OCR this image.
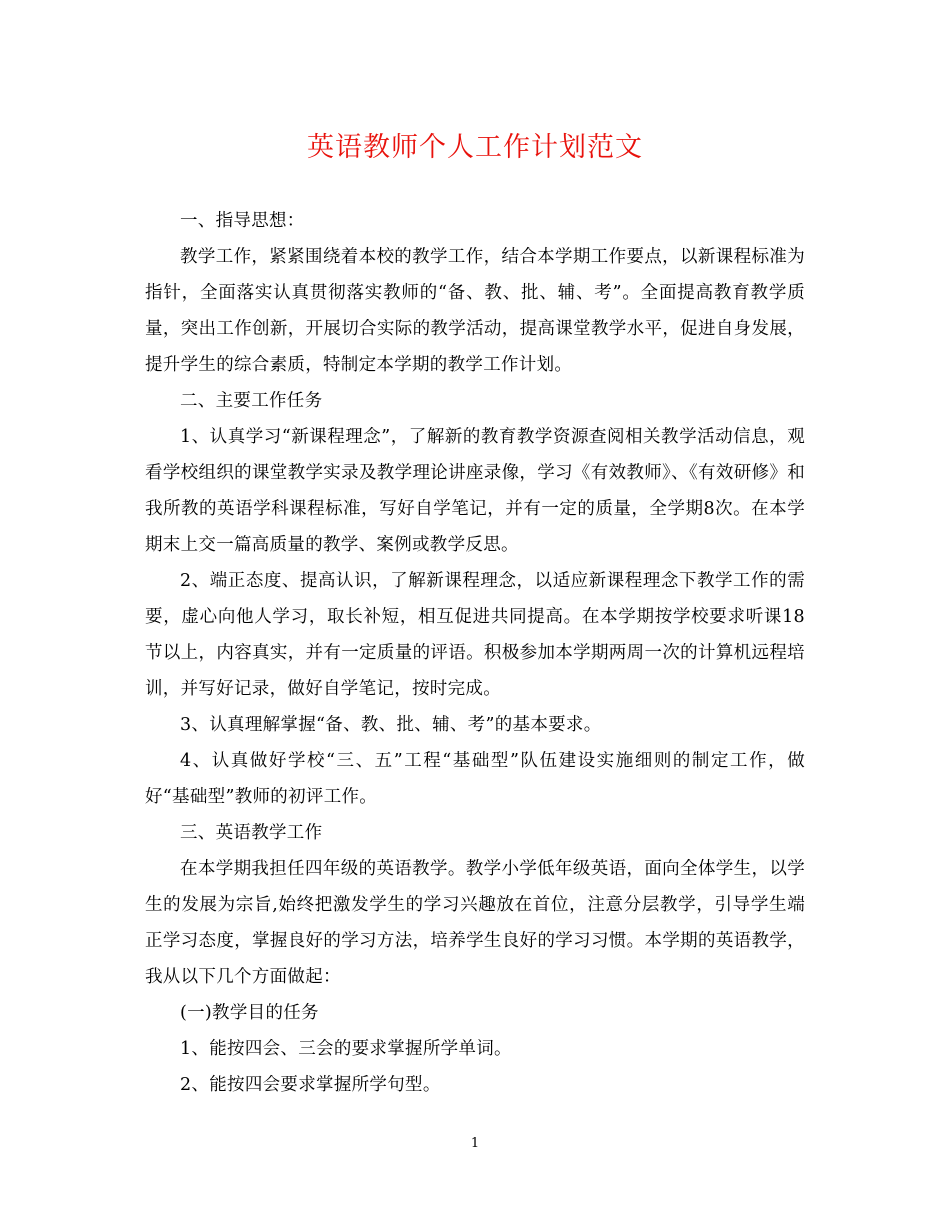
英语教师个人工作计划范文

一、指导思想：

教学工作，紧紧围绕着本校的教学工作，结合本学期工作要点，以新课程标准为指针，全面落实认真贯彻落实教师的“备、教、批、辅、考”。全面提高教育教学质量，突出工作创新，开展切合实际的教学活动，提高课堂教学水平，促进自身发展，提升学生的综合素质，特制定本学期的教学工作计划。

二、主要工作任务

1、认真学习“新课程理念”，了解新的教育教学资源查阅相关教学活动信息，观看学校组织的课堂教学实录及教学理论讲座录像，学习《有效教师》、《有效研修》和我所教的英语学科课程标准，写好自学笔记，并有一定的质量，全学期8次。在本学期末上交一篇高质量的教学、案例或教学反思。

2、端正态度、提高认识，了解新课程理念，以适应新课程理念下教学工作的需要，虚心向他人学习，取长补短，相互促进共同提高。在本学期按学校要求听课18节以上，内容真实，并有一定质量的评语。积极参加本学期两周一次的计算机远程培训，并写好记录，做好自学笔记，按时完成。

3、认真理解掌握“备、教、批、辅、考”的基本要求。

4、认真做好学校“三、五”工程“基础型”队伍建设实施细则的制定工作，做好“基础型”教师的初评工作。

三、英语教学工作

在本学期我担任四年级的英语教学。教学小学低年级英语，面向全体学生，以学生的发展为宗旨,始终把激发学生的学习兴趣放在首位，注意分层教学，引导学生端正学习态度，掌握良好的学习方法，培养学生良好的学习习惯。本学期的英语教学，我从以下几个方面做起：

(一)教学目的任务

1、能按四会、三会的要求掌握所学单词。

2、能按四会要求掌握所学句型。

1
